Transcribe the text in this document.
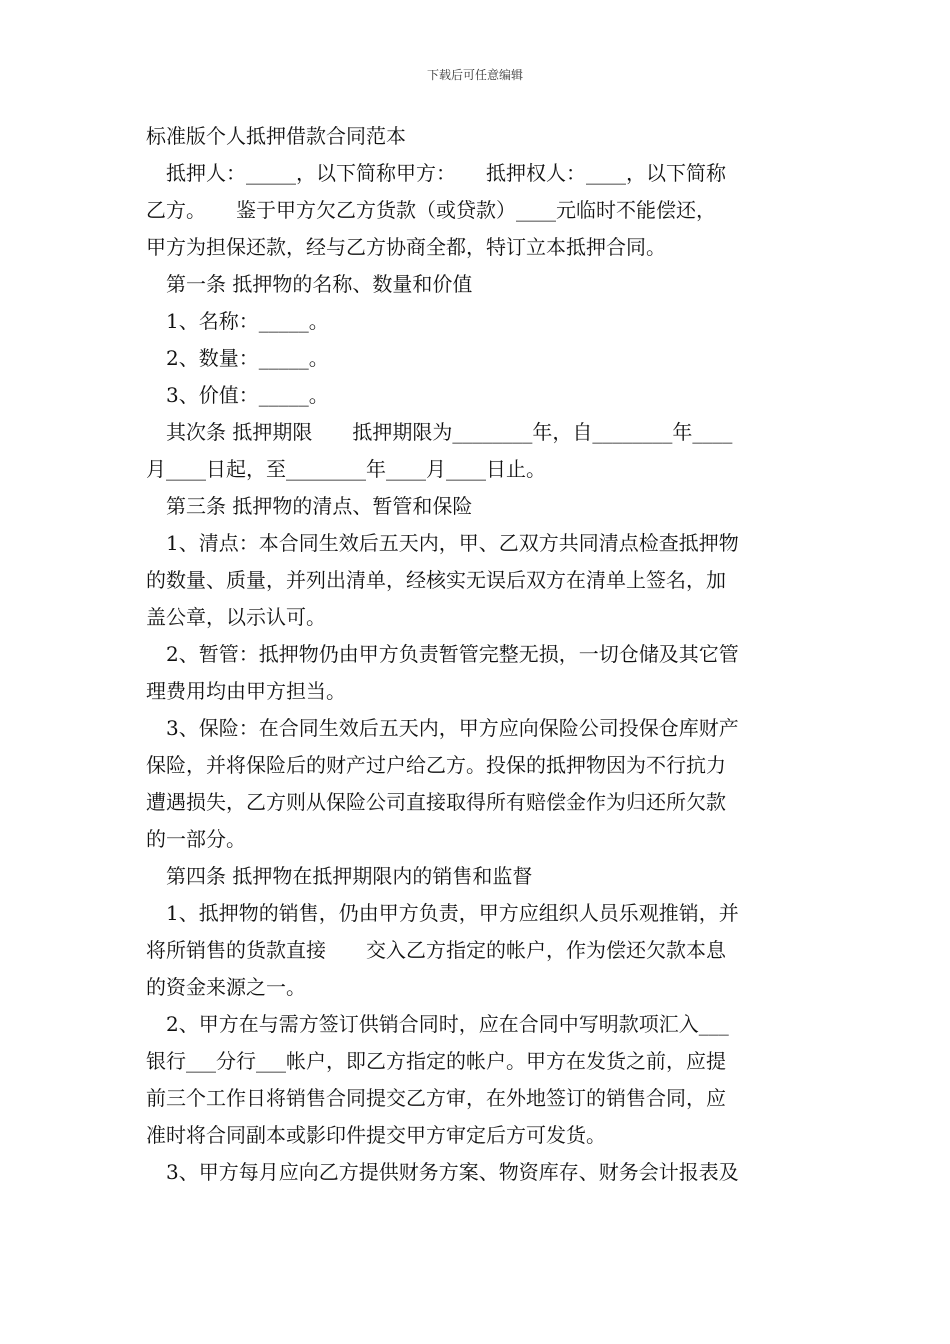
下载后可任意编辑

标准版个人抵押借款合同范本

抵押人：_____，以下简称甲方：　　抵押权人：____，以下简称

乙方。　　鉴于甲方欠乙方货款（或贷款）____元临时不能偿还，

甲方为担保还款，经与乙方协商全都，特订立本抵押合同。

第一条 抵押物的名称、数量和价值

1、名称：_____。

2、数量：_____。

3、价值：_____。

其次条 抵押期限　　抵押期限为________年，自________年____

月____日起，至________年____月____日止。

第三条 抵押物的清点、暂管和保险

1、清点：本合同生效后五天内，甲、乙双方共同清点检查抵押物

的数量、质量，并列出清单，经核实无误后双方在清单上签名，加

盖公章，以示认可。

2、暂管：抵押物仍由甲方负责暂管完整无损，一切仓储及其它管

理费用均由甲方担当。

3、保险：在合同生效后五天内，甲方应向保险公司投保仓库财产

保险，并将保险后的财产过户给乙方。投保的抵押物因为不行抗力

遭遇损失，乙方则从保险公司直接取得所有赔偿金作为归还所欠款

的一部分。

第四条 抵押物在抵押期限内的销售和监督

1、抵押物的销售，仍由甲方负责，甲方应组织人员乐观推销，并

将所销售的货款直接　　交入乙方指定的帐户，作为偿还欠款本息

的资金来源之一。

2、甲方在与需方签订供销合同时，应在合同中写明款项汇入___

银行___分行___帐户，即乙方指定的帐户。甲方在发货之前，应提

前三个工作日将销售合同提交乙方审，在外地签订的销售合同，应

准时将合同副本或影印件提交甲方审定后方可发货。

3、甲方每月应向乙方提供财务方案、物资库存、财务会计报表及
